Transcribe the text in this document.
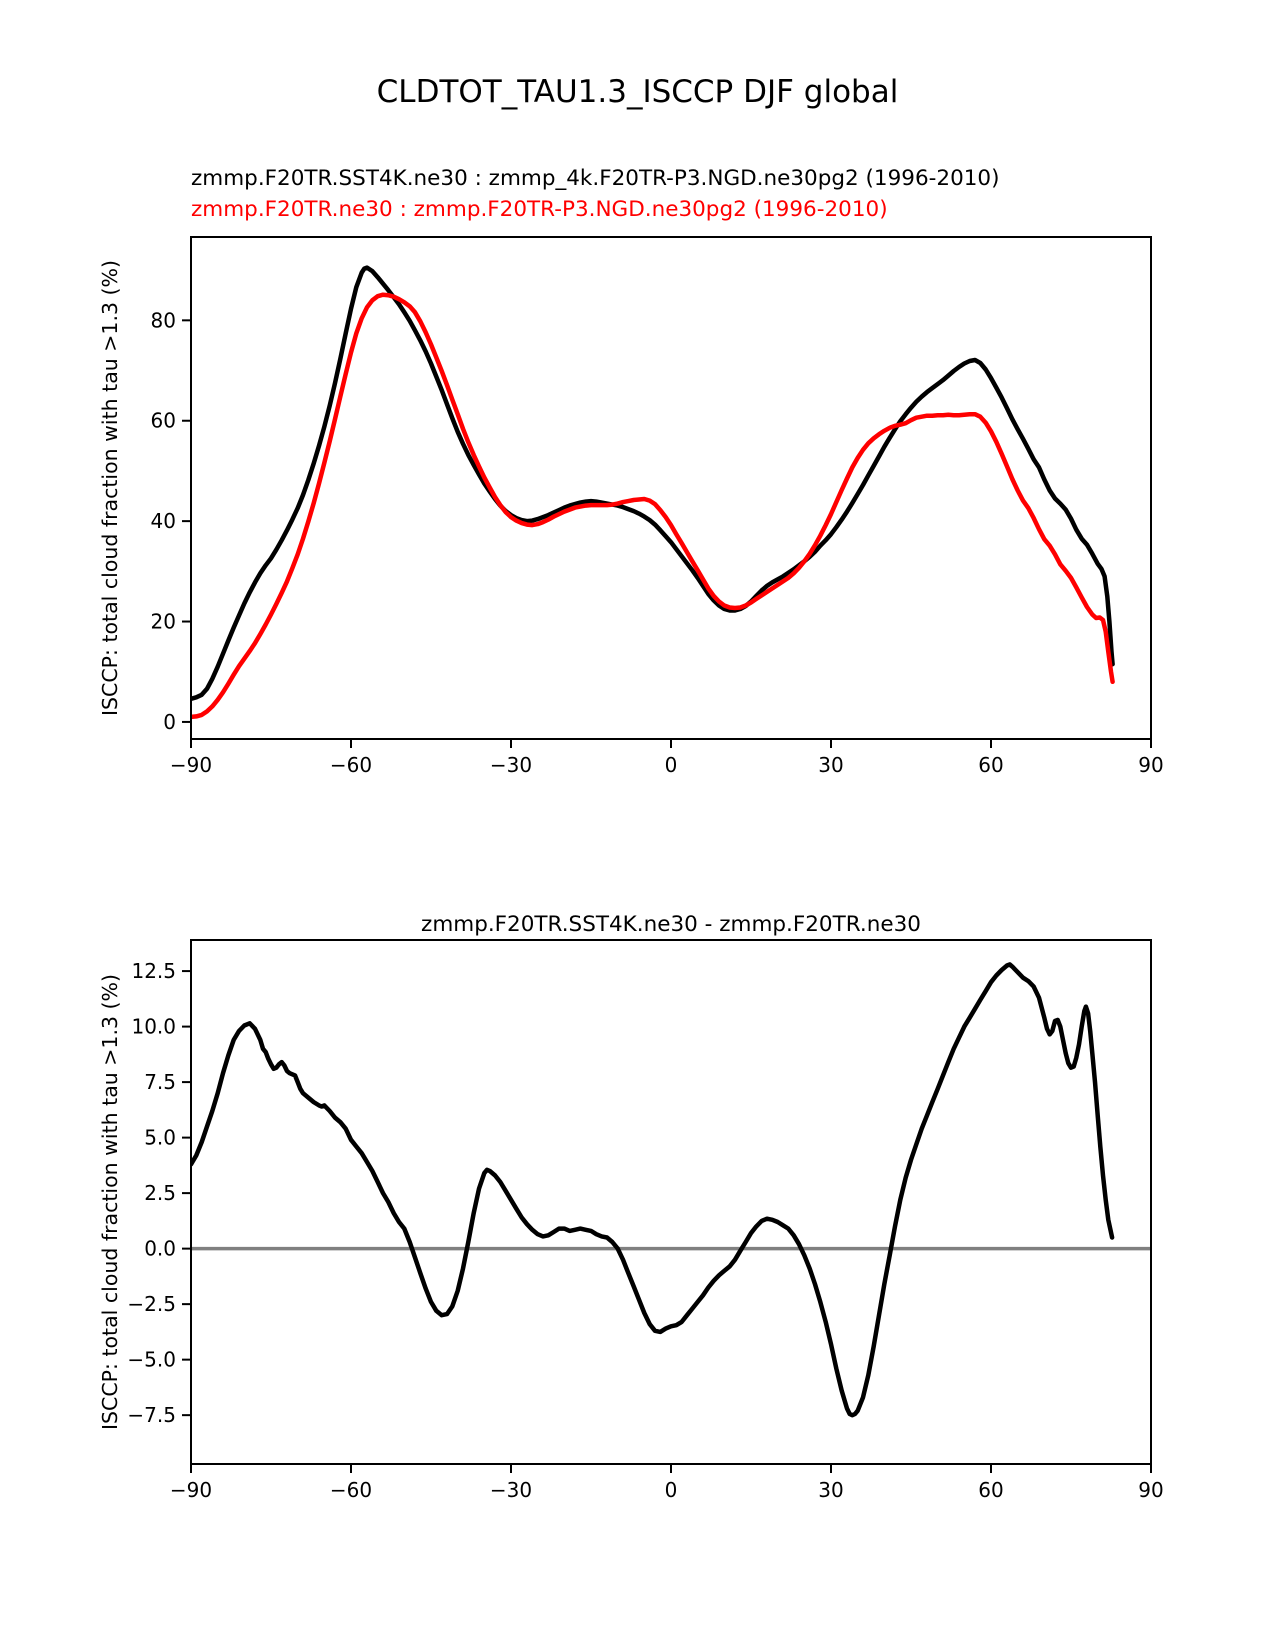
CLDTOT_TAU1.3_ISCCP DJF global
zmmp.F20TR.SST4K.ne30 : zmmp_4k.F20TR-P3.NGD.ne30pg2 (1996-2010)
zmmp.F20TR.ne30 : zmmp.F20TR-P3.NGD.ne30pg2 (1996-2010)
zmmp.F20TR.SST4K.ne30 - zmmp.F20TR.ne30
−90	−60	−30	0	30	60	90
0
20
40
60
80
ISCCP: total cloud fraction with tau >1.3 (%)
−90	−60	−30	0	30	60	90
−7.5
−5.0
−2.5
0.0
2.5
5.0
7.5
10.0
12.5
ISCCP: total cloud fraction with tau >1.3 (%)
